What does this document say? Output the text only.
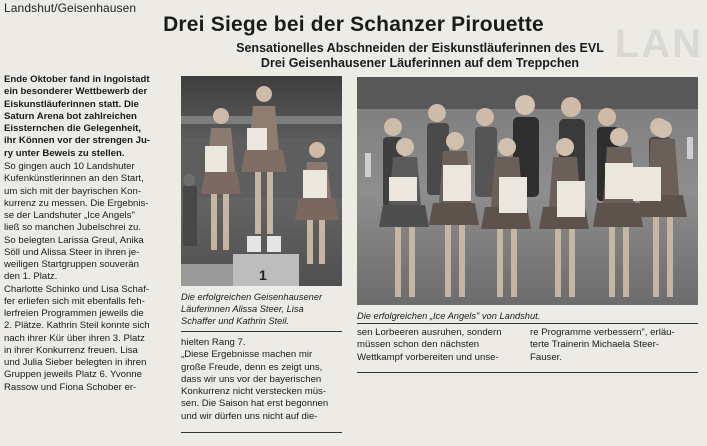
Landshut/Geisenhausen
LAN
Drei Siege bei der Schanzer Pirouette
Sensationelles Abschneiden der Eiskunstläuferinnen des EVL
Drei Geisenhausener Läuferinnen auf dem Treppchen
Ende Oktober fand in Ingolstadt
ein besonderer Wettbewerb der
Eiskunstläuferinnen statt. Die
Saturn Arena bot zahlreichen
Eissternchen die Gelegenheit,
ihr Können vor der strengen Ju-
ry unter Beweis zu stellen.
So gingen auch 10 Landshuter
Kufenkünstlerinnen an den Start,
um sich mit der bayrischen Kon-
kurrenz zu messen. Die Ergebnis-
se der Landshuter „Ice Angels"
ließ so manchen Jubelschrei zu.
So belegten Larissa Greul, Anika
Söll und Alissa Steer in ihren je-
weiligen Startgruppen souverän
den 1. Platz.
Charlotte Schinko und Lisa Schaf-
fer erliefen sich mit ebenfalls feh-
lerfreien Programmen jeweils die
2. Plätze. Kathrin Steil konnte sich
nach ihrer Kür über ihren 3. Platz
in ihrer Konkurrenz freuen. Lisa
und Julia Sieber belegten in ihren
Gruppen jeweils Platz 6. Yvonne
Rassow und Fiona Schober er-
1
Die erfolgreichen Geisenhausener
Läuferinnen Alissa Steer, Lisa
Schaffer und Kathrin Steil.	Die erfolgreichen „Ice Angels" von Landshut.
hielten Rang 7.
„Diese Ergebnisse machen mir
große Freude, denn es zeigt uns,
dass wir uns vor der bayerischen
Konkurrenz nicht verstecken müs-
sen. Die Saison hat erst begonnen
und wir dürfen uns nicht auf die-
sen Lorbeeren ausruhen, sondern
müssen schon den nächsten
Wettkampf vorbereiten und unse-
re Programme verbessern", erläu-
terte Trainerin Michaela Steer-
Fauser.
